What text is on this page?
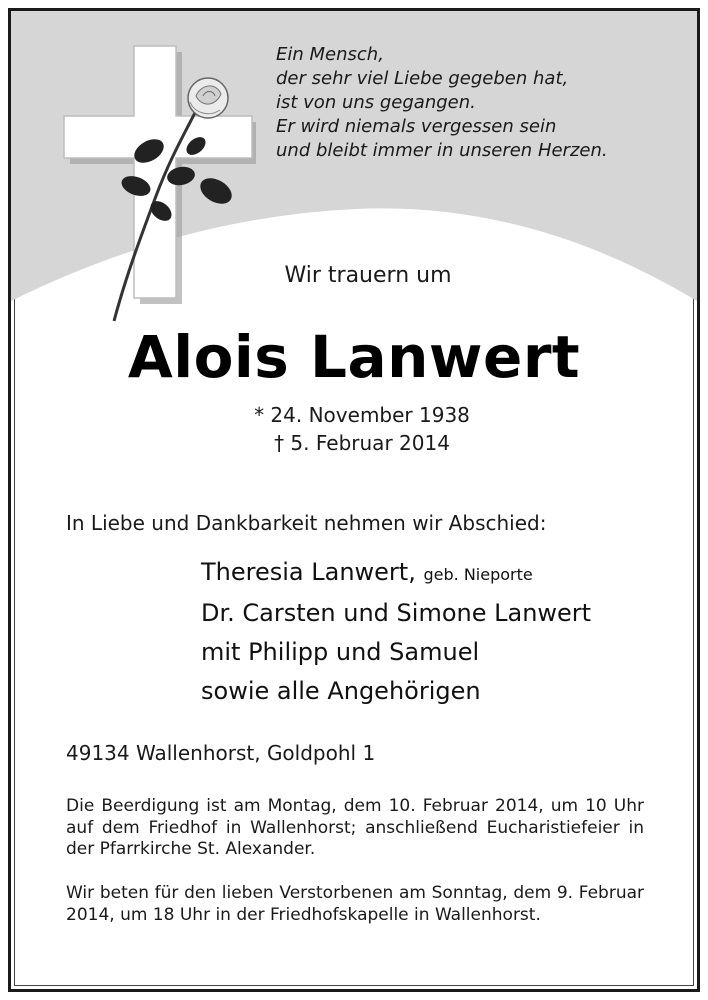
Ein Mensch,
der sehr viel Liebe gegeben hat,
ist von uns gegangen.
Er wird niemals vergessen sein
und bleibt immer in unseren Herzen.
Wir trauern um
Alois Lanwert
* 24. November 1938
† 5. Februar 2014
In Liebe und Dankbarkeit nehmen wir Abschied:
Theresia Lanwert, geb. Nieporte
Dr. Carsten und Simone Lanwert
mit Philipp und Samuel
sowie alle Angehörigen
49134 Wallenhorst, Goldpohl 1
Die Beerdigung ist am Montag, dem 10. Februar 2014, um 10 Uhr auf dem Friedhof in Wallenhorst; anschließend Eucharistiefeier in der Pfarrkirche St. Alexander.
Wir beten für den lieben Verstorbenen am Sonntag, dem 9. Februar 2014, um 18 Uhr in der Friedhofskapelle in Wallenhorst.
